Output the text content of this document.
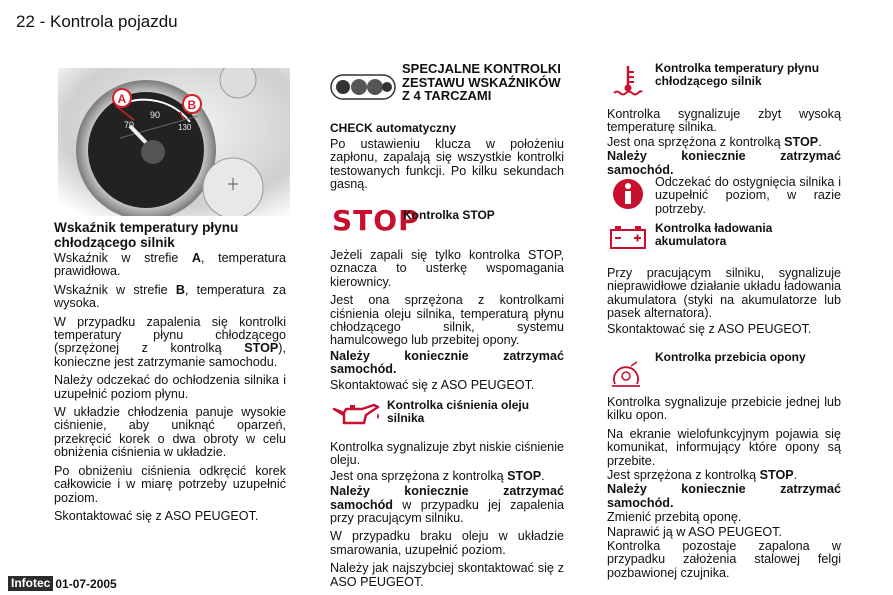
22 - Kontrola pojazdu
90
70	130
A	B
Wskaźnik temperatury płynu chłodzącego silnik

Wskaźnik w strefie A, temperatura prawidłowa.

Wskaźnik w strefie B, temperatura za wysoka.

W przypadku zapalenia się kontrolki temperatury płynu chłodzącego (sprzężonej z kontrolką STOP), konieczne jest zatrzymanie samochodu.

Należy odczekać do ochłodzenia silnika i uzupełnić poziom płynu.

W układzie chłodzenia panuje wysokie ciśnienie, aby uniknąć oparzeń, przekręcić korek o dwa obroty w celu obniżenia ciśnienia w układzie.

Po obniżeniu ciśnienia odkręcić korek całkowicie i w miarę potrzeby uzupełnić poziom.

Skontaktować się z ASO PEUGEOT.

SPECJALNE KONTROLKI ZESTAWU WSKAŹNIKÓW Z 4 TARCZAMI
CHECK automatyczny

Po ustawieniu klucza w położeniu zapłonu, zapalają się wszystkie kontrolki testowanych funkcji. Po kilku sekundach gasną.

STOP
Kontrolka STOP

Jeżeli zapali się tylko kontrolka STOP, oznacza to usterkę wspomagania kierownicy.

Jest ona sprzężona z kontrolkami ciśnienia oleju silnika, temperaturą płynu chłodzącego silnik, systemu hamulcowego lub przebitej opony.

Należy koniecznie zatrzymać samochód.

Skontaktować się z ASO PEUGEOT.

Kontrolka ciśnienia oleju silnika

Kontrolka sygnalizuje zbyt niskie ciśnienie oleju.

Jest ona sprzężona z kontrolką STOP.

Należy koniecznie zatrzymać samochód w przypadku jej zapalenia przy pracującym silniku.

W przypadku braku oleju w układzie smarowania, uzupełnić poziom.

Należy jak najszybciej skontaktować się z ASO PEUGEOT.

Kontrolka temperatury płynu chłodzącego silnik

Kontrolka sygnalizuje zbyt wysoką temperaturę silnika.

Jest ona sprzężona z kontrolką STOP.

Należy koniecznie zatrzymać samochód.

Odczekać do ostygnięcia silnika i uzupełnić poziom, w razie potrzeby.

Kontrolka ładowania akumulatora

Przy pracującym silniku, sygnalizuje nieprawidłowe działanie układu ładowania akumulatora (styki na akumulatorze lub pasek alternatora).

Skontaktować się z ASO PEUGEOT.

Kontrolka przebicia opony

Kontrolka sygnalizuje przebicie jednej lub kilku opon.

Na ekranie wielofunkcyjnym pojawia się komunikat, informujący które opony są przebite.

Jest sprzężona z kontrolką STOP.

Należy koniecznie zatrzymać samochód.

Zmienić przebitą oponę.

Naprawić ją w ASO PEUGEOT.

Kontrolka pozostaje zapalona w przypadku założenia stalowej felgi pozbawionej czujnika.

Infotec 01-07-2005
